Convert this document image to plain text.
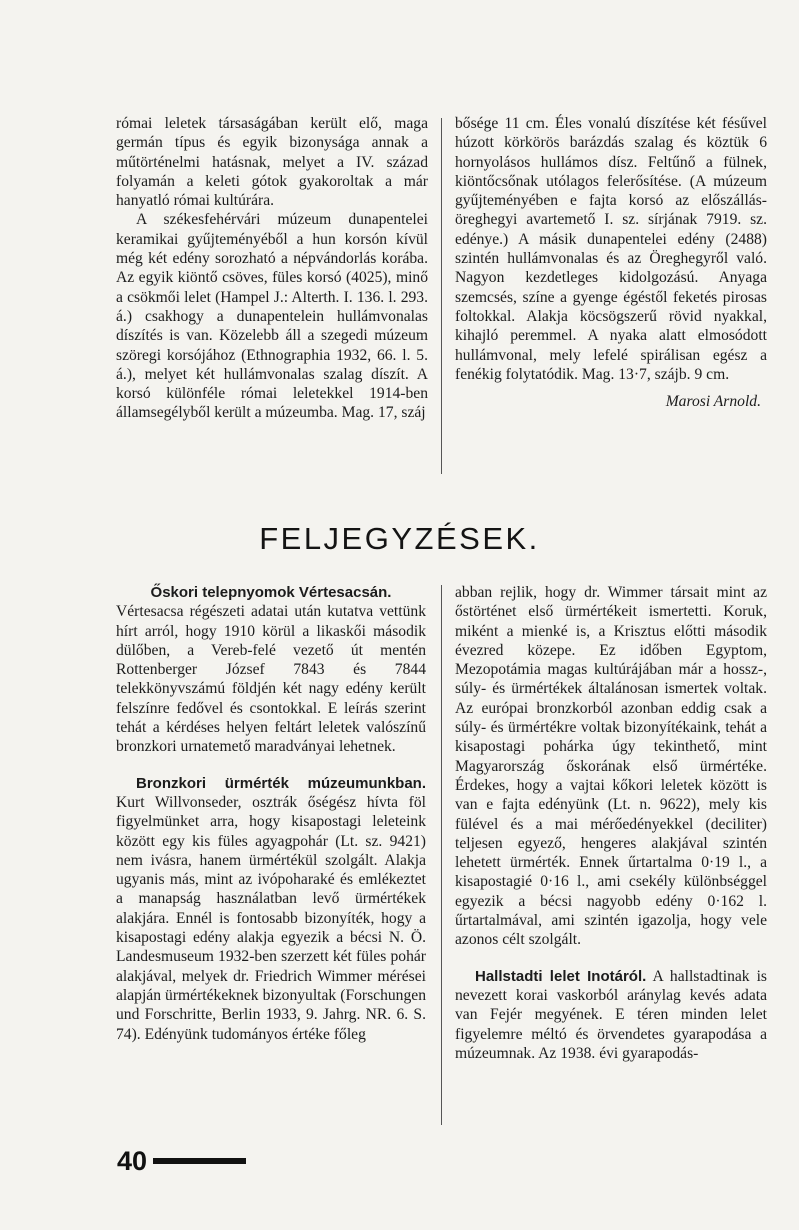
római leletek társaságában került elő, maga germán típus és egyik bizonysága annak a műtörténelmi hatásnak, melyet a IV. század folyamán a keleti gótok gyakoroltak a már hanyatló római kultúrára.

A székesfehérvári múzeum dunapentelei keramikai gyűjteményéből a hun korsón kívül még két edény sorozható a népvándorlás korába. Az egyik kiöntő csöves, füles korsó (4025), minő a csökmői lelet (Hampel J.: Alterth. I. 136. l. 293. á.) csakhogy a dunapentelein hullámvonalas díszítés is van. Közelebb áll a szegedi múzeum szöregi korsójához (Ethnographia 1932, 66. l. 5. á.), melyet két hullámvonalas szalag díszít. A korsó különféle római leletekkel 1914-ben államsegélyből került a múzeumba. Mag. 17, száj

bősége 11 cm. Éles vonalú díszítése két fésűvel húzott körkörös barázdás szalag és köztük 6 hornyolásos hullámos dísz. Feltűnő a fülnek, kiöntőcsőnak utólagos felerősítése. (A múzeum gyűjteményében e fajta korsó az előszállás-öreghegyi avartemető I. sz. sírjának 7919. sz. edénye.) A másik dunapentelei edény (2488) szintén hullámvonalas és az Öreghegyről való. Nagyon kezdetleges kidolgozású. Anyaga szemcsés, színe a gyenge égéstől feketés pirosas foltokkal. Alakja köcsögszerű rövid nyakkal, kihajló peremmel. A nyaka alatt elmosódott hullámvonal, mely lefelé spirálisan egész a fenékig folytatódik. Mag. 13·7, szájb. 9 cm.

Marosi Arnold.

FELJEGYZÉSEK.

Őskori telepnyomok Vértesacsán.

Vértesacsa régészeti adatai után kutatva vettünk hírt arról, hogy 1910 körül a likaskői második dülőben, a Vereb-felé vezető út mentén Rottenberger József 7843 és 7844 telekkönyvszámú földjén két nagy edény került felszínre fedővel és csontokkal. E leírás szerint tehát a kérdéses helyen feltárt leletek valószínű bronzkori urnatemető maradványai lehetnek.

Bronzkori ürmérték múzeumunkban. Kurt Willvonseder, osztrák őségész hívta föl figyelmünket arra, hogy kisapostagi leleteink között egy kis füles agyagpohár (Lt. sz. 9421) nem ivásra, hanem ürmértékül szolgált. Alakja ugyanis más, mint az ivópoharaké és emlékeztet a manapság használatban levő ürmértékek alakjára. Ennél is fontosabb bizonyíték, hogy a kisapostagi edény alakja egyezik a bécsi N. Ö. Landesmuseum 1932-ben szerzett két füles pohár alakjával, melyek dr. Friedrich Wimmer mérései alapján ürmértékeknek bizonyultak (Forschungen und Forschritte, Berlin 1933, 9. Jahrg. NR. 6. S. 74). Edényünk tudományos értéke főleg

abban rejlik, hogy dr. Wimmer társait mint az őstörténet első ürmértékeit ismertetti. Koruk, miként a mienké is, a Krisztus előtti második évezred közepe. Ez időben Egyptom, Mezopotámia magas kultúrájában már a hossz-, súly- és ürmértékek általánosan ismertek voltak. Az európai bronzkorból azonban eddig csak a súly- és ürmértékre voltak bizonyítékaink, tehát a kisapostagi pohárka úgy tekinthető, mint Magyarország őskorának első ürmértéke. Érdekes, hogy a vajtai kőkori leletek között is van e fajta edényünk (Lt. n. 9622), mely kis fülével és a mai mérőedényekkel (deciliter) teljesen egyező, hengeres alakjával szintén lehetett ürmérték. Ennek űrtartalma 0·19 l., a kisapostagié 0·16 l., ami csekély különbséggel egyezik a bécsi nagyobb edény 0·162 l. űrtartalmával, ami szintén igazolja, hogy vele azonos célt szolgált.

Hallstadti lelet Inotáról. A hallstadtinak is nevezett korai vaskorból aránylag kevés adata van Fejér megyének. E téren minden lelet figyelemre méltó és örvendetes gyarapodása a múzeumnak. Az 1938. évi gyarapodás-

40
